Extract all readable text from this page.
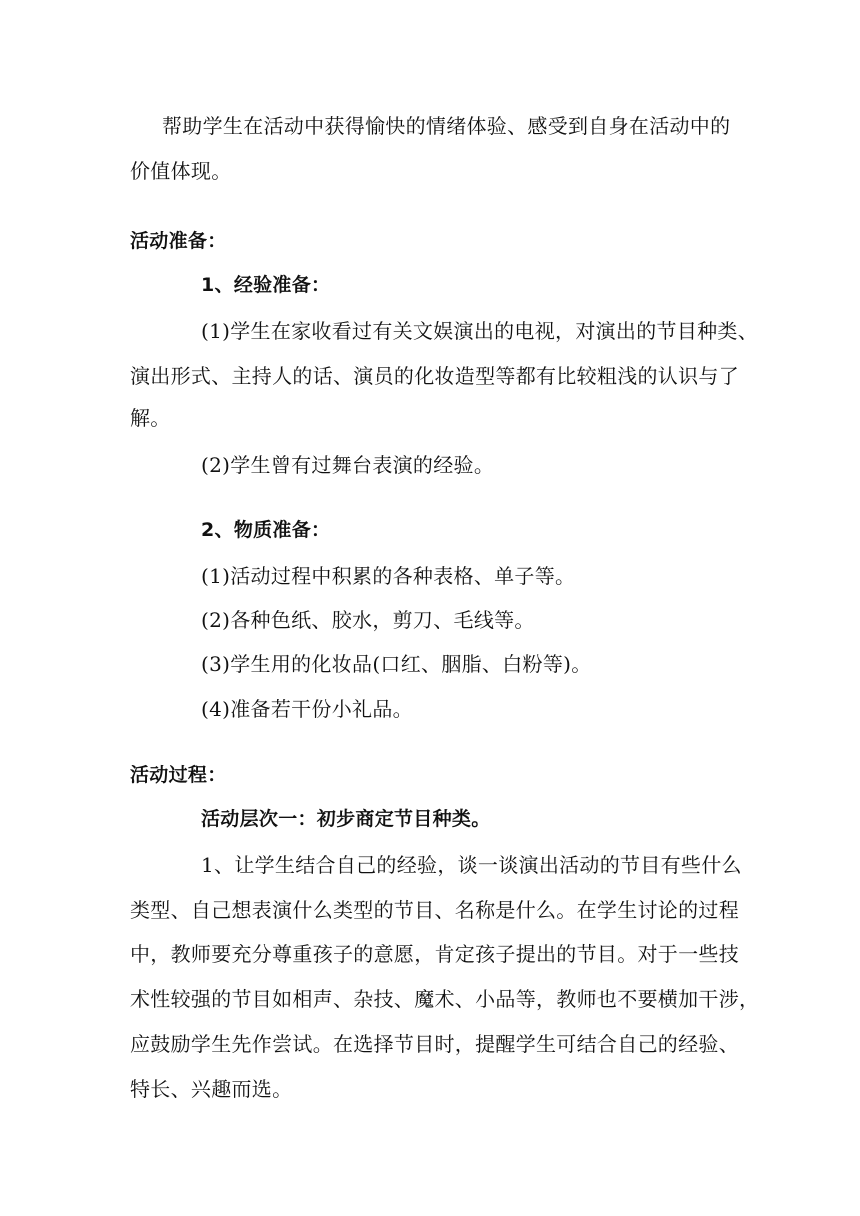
帮助学生在活动中获得愉快的情绪体验、感受到自身在活动中的
价值体现。
活动准备：
1、经验准备：
(1)学生在家收看过有关文娱演出的电视，对演出的节目种类、
演出形式、主持人的话、演员的化妆造型等都有比较粗浅的认识与了
解。
(2)学生曾有过舞台表演的经验。
2、物质准备：
(1)活动过程中积累的各种表格、单子等。
(2)各种色纸、胶水，剪刀、毛线等。
(3)学生用的化妆品(口红、胭脂、白粉等)。
(4)准备若干份小礼品。
活动过程：
活动层次一：初步商定节目种类。
1、让学生结合自己的经验，谈一谈演出活动的节目有些什么
类型、自己想表演什么类型的节目、名称是什么。在学生讨论的过程
中，教师要充分尊重孩子的意愿，肯定孩子提出的节目。对于一些技
术性较强的节目如相声、杂技、魔术、小品等，教师也不要横加干涉，
应鼓励学生先作尝试。在选择节目时，提醒学生可结合自己的经验、
特长、兴趣而选。
